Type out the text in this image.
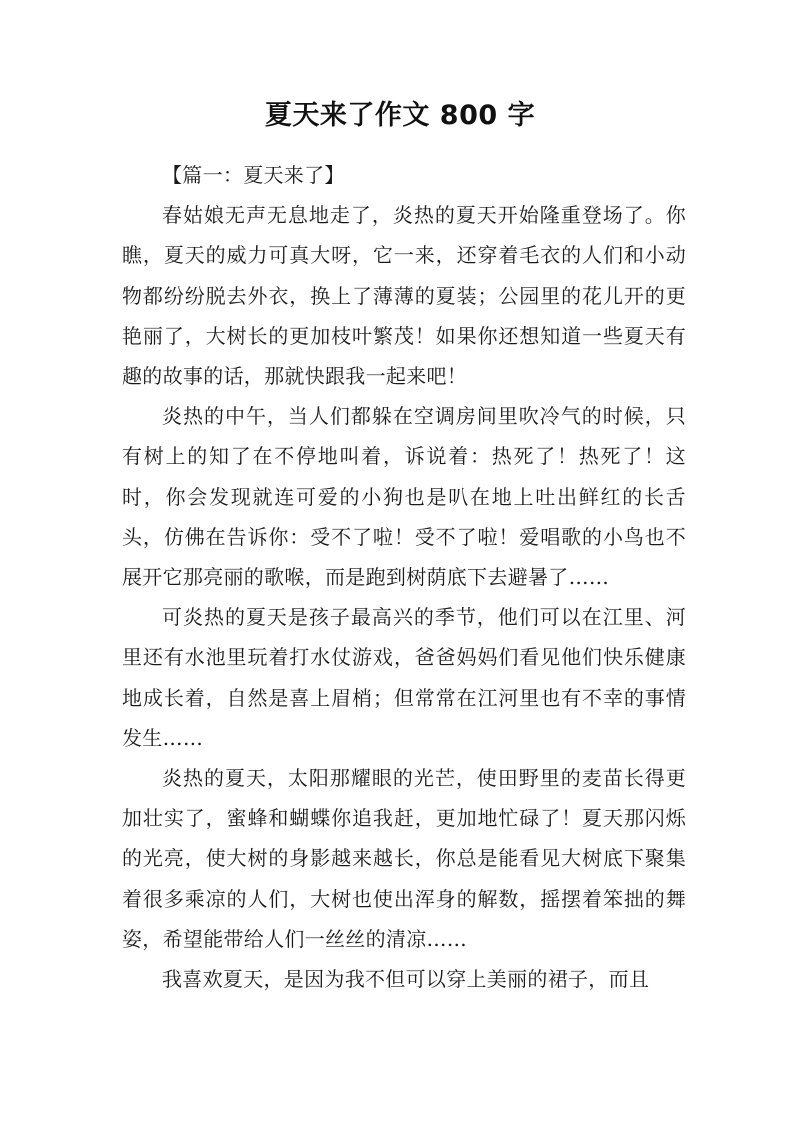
夏天来了作文 800 字

【篇一：夏天来了】

春姑娘无声无息地走了，炎热的夏天开始隆重登场了。你瞧，夏天的威力可真大呀，它一来，还穿着毛衣的人们和小动物都纷纷脱去外衣，换上了薄薄的夏装；公园里的花儿开的更艳丽了，大树长的更加枝叶繁茂！如果你还想知道一些夏天有趣的故事的话，那就快跟我一起来吧！

炎热的中午，当人们都躲在空调房间里吹冷气的时候，只有树上的知了在不停地叫着，诉说着：热死了！热死了！这时，你会发现就连可爱的小狗也是叭在地上吐出鲜红的长舌头，仿佛在告诉你：受不了啦！受不了啦！爱唱歌的小鸟也不展开它那亮丽的歌喉，而是跑到树荫底下去避暑了……

可炎热的夏天是孩子最高兴的季节，他们可以在江里、河里还有水池里玩着打水仗游戏，爸爸妈妈们看见他们快乐健康地成长着，自然是喜上眉梢；但常常在江河里也有不幸的事情发生……

炎热的夏天，太阳那耀眼的光芒，使田野里的麦苗长得更加壮实了，蜜蜂和蝴蝶你追我赶，更加地忙碌了！夏天那闪烁的光亮，使大树的身影越来越长，你总是能看见大树底下聚集着很多乘凉的人们，大树也使出浑身的解数，摇摆着笨拙的舞姿，希望能带给人们一丝丝的清凉……

我喜欢夏天，是因为我不但可以穿上美丽的裙子，而且
